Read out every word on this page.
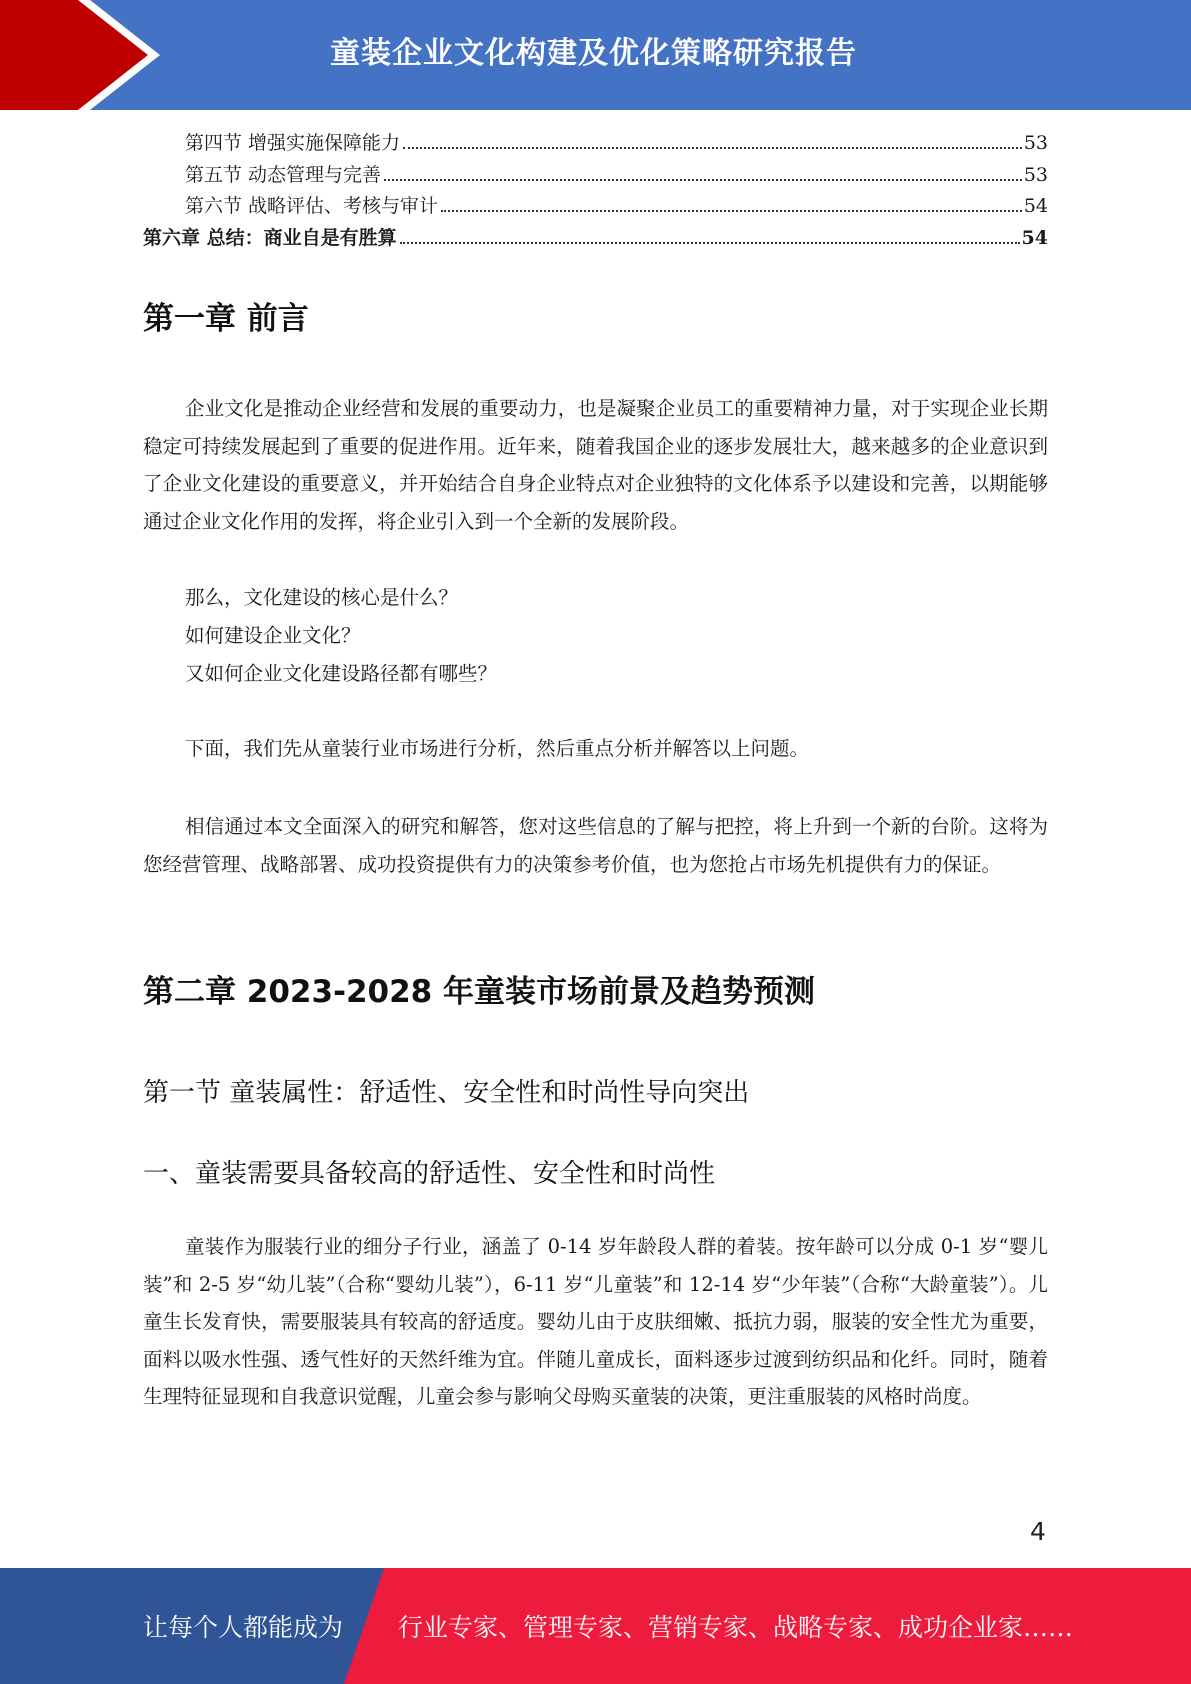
童装企业文化构建及优化策略研究报告
第四节 增强实施保障能力	53
第五节 动态管理与完善	53
第六节 战略评估、考核与审计	54
第六章 总结：商业自是有胜算	54
第一章 前言

企业文化是推动企业经营和发展的重要动力，也是凝聚企业员工的重要精神力量，对于实现企业长期稳定可持续发展起到了重要的促进作用。近年来，随着我国企业的逐步发展壮大，越来越多的企业意识到了企业文化建设的重要意义，并开始结合自身企业特点对企业独特的文化体系予以建设和完善，以期能够通过企业文化作用的发挥，将企业引入到一个全新的发展阶段。

那么，文化建设的核心是什么？
如何建设企业文化？
又如何企业文化建设路径都有哪些？

下面，我们先从童装行业市场进行分析，然后重点分析并解答以上问题。

相信通过本文全面深入的研究和解答，您对这些信息的了解与把控，将上升到一个新的台阶。这将为您经营管理、战略部署、成功投资提供有力的决策参考价值，也为您抢占市场先机提供有力的保证。

第二章 2023-2028 年童装市场前景及趋势预测
第一节 童装属性：舒适性、安全性和时尚性导向突出
一、童装需要具备较高的舒适性、安全性和时尚性

童装作为服装行业的细分子行业，涵盖了 0-14 岁年龄段人群的着装。按年龄可以分成 0-1 岁“婴儿装”和 2-5 岁“幼儿装”（合称“婴幼儿装”），6-11 岁“儿童装”和 12-14 岁“少年装”（合称“大龄童装”）。儿童生长发育快，需要服装具有较高的舒适度。婴幼儿由于皮肤细嫩、抵抗力弱，服装的安全性尤为重要，面料以吸水性强、透气性好的天然纤维为宜。伴随儿童成长，面料逐步过渡到纺织品和化纤。同时，随着生理特征显现和自我意识觉醒，儿童会参与影响父母购买童装的决策，更注重服装的风格时尚度。

4
让每个人都能成为 行业专家、管理专家、营销专家、战略专家、成功企业家……
